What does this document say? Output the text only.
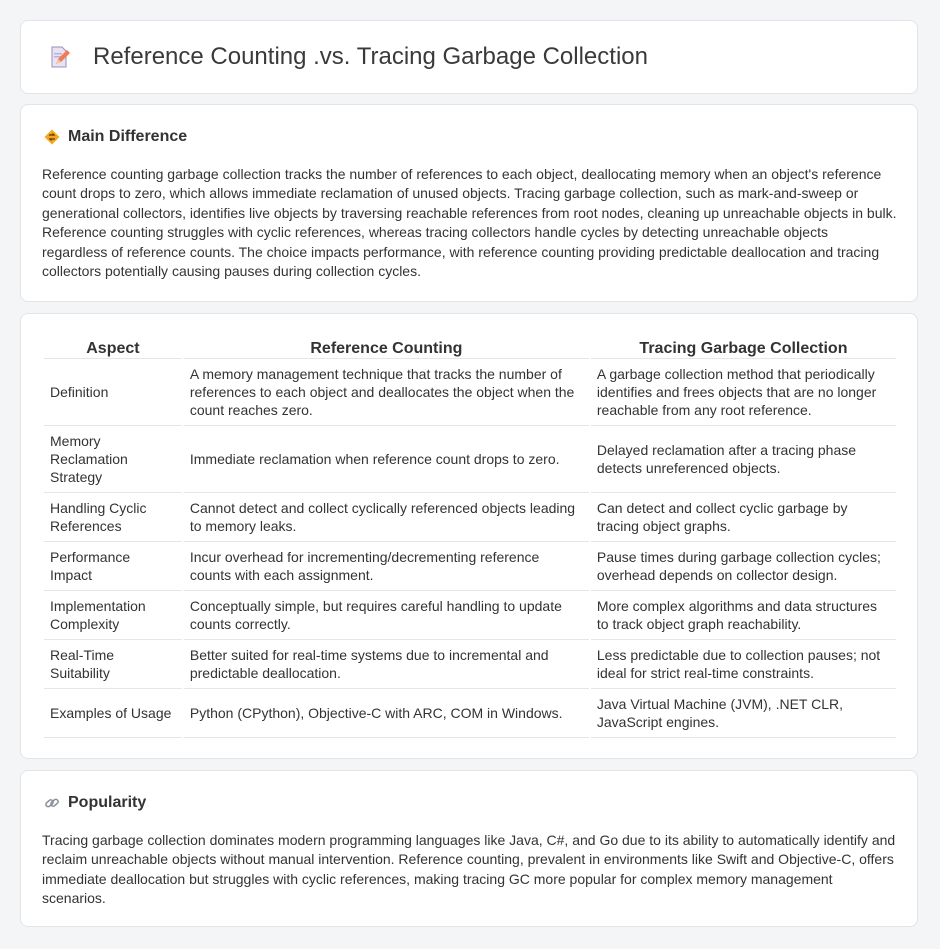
Reference Counting .vs. Tracing Garbage Collection
Main Difference

Reference counting garbage collection tracks the number of references to each object, deallocating memory when an object's reference count drops to zero, which allows immediate reclamation of unused objects. Tracing garbage collection, such as mark-and-sweep or generational collectors, identifies live objects by traversing reachable references from root nodes, cleaning up unreachable objects in bulk. Reference counting struggles with cyclic references, whereas tracing collectors handle cycles by detecting unreachable objects regardless of reference counts. The choice impacts performance, with reference counting providing predictable deallocation and tracing collectors potentially causing pauses during collection cycles.

Aspect	Reference Counting	Tracing Garbage Collection
Definition	A memory management technique that tracks the number of references to each object and deallocates the object when the count reaches zero.	A garbage collection method that periodically identifies and frees objects that are no longer reachable from any root reference.
Memory Reclamation Strategy	Immediate reclamation when reference count drops to zero.	Delayed reclamation after a tracing phase detects unreferenced objects.
Handling Cyclic References	Cannot detect and collect cyclically referenced objects leading to memory leaks.	Can detect and collect cyclic garbage by tracing object graphs.
Performance Impact	Incur overhead for incrementing/decrementing reference counts with each assignment.	Pause times during garbage collection cycles; overhead depends on collector design.
Implementation Complexity	Conceptually simple, but requires careful handling to update counts correctly.	More complex algorithms and data structures to track object graph reachability.
Real-Time Suitability	Better suited for real-time systems due to incremental and predictable deallocation.	Less predictable due to collection pauses; not ideal for strict real-time constraints.
Examples of Usage	Python (CPython), Objective-C with ARC, COM in Windows.	Java Virtual Machine (JVM), .NET CLR, JavaScript engines.
Popularity

Tracing garbage collection dominates modern programming languages like Java, C#, and Go due to its ability to automatically identify and reclaim unreachable objects without manual intervention. Reference counting, prevalent in environments like Swift and Objective-C, offers immediate deallocation but struggles with cyclic references, making tracing GC more popular for complex memory management scenarios.
